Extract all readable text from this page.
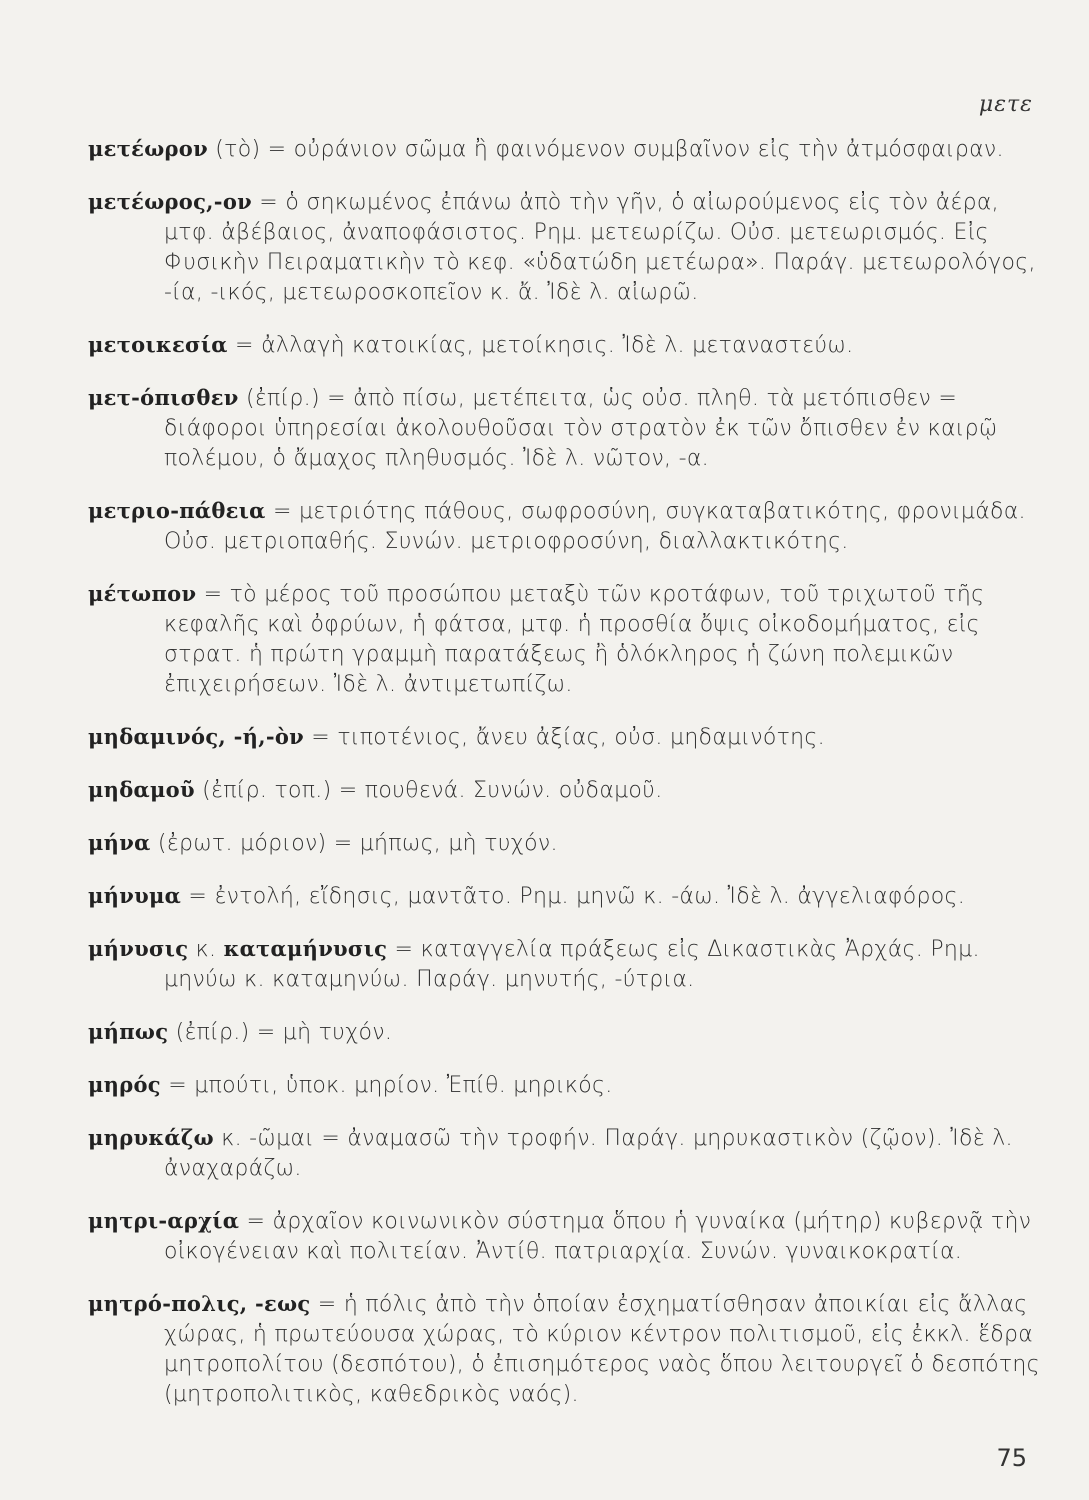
μετε

μετέωρον (τὸ) = οὐράνιον σῶμα ἢ φαινόμενον συμβαῖνον εἰς τὴν ἀτμόσφαιραν.

μετέωρος,-ον = ὁ σηκωμένος ἐπάνω ἀπὸ τὴν γῆν, ὁ αἰωρούμενος εἰς τὸν ἀέρα, μτφ. ἀβέβαιος, ἀναποφάσιστος. Ρημ. μετεωρίζω. Οὐσ. μετεωρισμός. Εἰς Φυσικὴν Πειραματικὴν τὸ κεφ. «ὑδατώδη μετέωρα». Παράγ. μετεωρολόγος, -ία, -ικός, μετεωροσκοπεῖον κ. ἄ. Ἰδὲ λ. αἰωρῶ.

μετοικεσία = ἀλλαγὴ κατοικίας, μετοίκησις. Ἰδὲ λ. μεταναστεύω.

μετ-όπισθεν (ἐπίρ.) = ἀπὸ πίσω, μετέπειτα, ὡς οὐσ. πληθ. τὰ μετόπισθεν = διάφοροι ὑπηρεσίαι ἀκολουθοῦσαι τὸν στρατὸν ἐκ τῶν ὄπισθεν ἐν καιρῷ πολέμου, ὁ ἄμαχος πληθυσμός. Ἰδὲ λ. νῶτον, -α.

μετριο-πάθεια = μετριότης πάθους, σωφροσύνη, συγκαταβατικότης, φρονιμάδα. Οὐσ. μετριοπαθής. Συνών. μετριοφροσύνη, διαλλακτικότης.

μέτωπον = τὸ μέρος τοῦ προσώπου μεταξὺ τῶν κροτάφων, τοῦ τριχωτοῦ τῆς κεφαλῆς καὶ ὀφρύων, ἡ φάτσα, μτφ. ἡ προσθία ὄψις οἰκοδομήματος, εἰς στρατ. ἡ πρώτη γραμμὴ παρατάξεως ἢ ὁλόκληρος ἡ ζώνη πολεμικῶν ἐπιχειρήσεων. Ἰδὲ λ. ἀντιμετωπίζω.

μηδαμινός, -ή,-ὸν = τιποτένιος, ἄνευ ἀξίας, οὐσ. μηδαμινότης.

μηδαμοῦ (ἐπίρ. τοπ.) = πουθενά. Συνών. οὐδαμοῦ.

μήνα (ἐρωτ. μόριον) = μήπως, μὴ τυχόν.

μήνυμα = ἐντολή, εἴδησις, μαντᾶτο. Ρημ. μηνῶ κ. -άω. Ἰδὲ λ. ἀγγελιαφόρος.

μήνυσις κ. καταμήνυσις = καταγγελία πράξεως εἰς Δικαστικὰς Ἀρχάς. Ρημ. μηνύω κ. καταμηνύω. Παράγ. μηνυτής, -ύτρια.

μήπως (ἐπίρ.) = μὴ τυχόν.

μηρός = μπούτι, ὑποκ. μηρίον. Ἐπίθ. μηρικός.

μηρυκάζω κ. -ῶμαι = ἀναμασῶ τὴν τροφήν. Παράγ. μηρυκαστικὸν (ζῷον). Ἰδὲ λ. ἀναχαράζω.

μητρι-αρχία = ἀρχαῖον κοινωνικὸν σύστημα ὅπου ἡ γυναίκα (μήτηρ) κυβερνᾷ τὴν οἰκογένειαν καὶ πολιτείαν. Ἀντίθ. πατριαρχία. Συνών. γυναικοκρατία.

μητρό-πολις, -εως = ἡ πόλις ἀπὸ τὴν ὁποίαν ἐσχηματίσθησαν ἀποικίαι εἰς ἄλλας χώρας, ἡ πρωτεύουσα χώρας, τὸ κύριον κέντρον πολιτισμοῦ, εἰς ἐκκλ. ἕδρα μητροπολίτου (δεσπότου), ὁ ἐπισημότερος ναὸς ὅπου λειτουργεῖ ὁ δεσπότης (μητροπολιτικὸς, καθεδρικὸς ναός).

75
